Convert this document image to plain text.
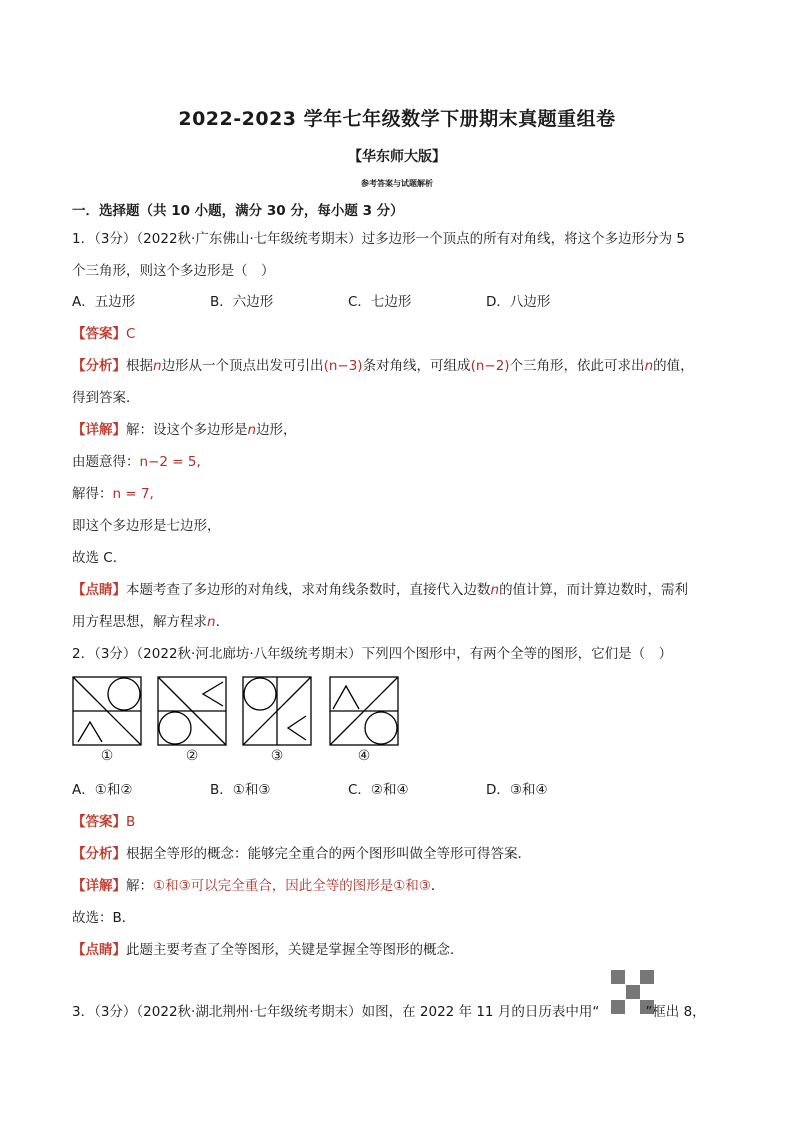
2022-2023 学年七年级数学下册期末真题重组卷
【华东师大版】
参考答案与试题解析
一．选择题（共 10 小题，满分 30 分，每小题 3 分）
1．（3分）（2022秋·广东佛山·七年级统考期末）过多边形一个顶点的所有对角线，将这个多边形分为 5
个三角形，则这个多边形是（　）
A．五边形	B．六边形	C．七边形	D．八边形
【答案】C
【分析】根据n边形从一个顶点出发可引出(n−3)条对角线，可组成(n−2)个三角形，依此可求出n的值，
得到答案．
【详解】解：设这个多边形是n边形，
由题意得：n−2 = 5,
解得：n = 7,
即这个多边形是七边形，
故选 C．
【点睛】本题考查了多边形的对角线，求对角线条数时，直接代入边数n的值计算，而计算边数时，需利
用方程思想，解方程求n.
2．（3分）（2022秋·河北廊坊·八年级统考期末）下列四个图形中，有两个全等的图形，它们是（　）
①	②	③	④
A．①和②	B．①和③	C．②和④	D．③和④
【答案】B
【分析】根据全等形的概念：能够完全重合的两个图形叫做全等形可得答案．
【详解】解：①和③可以完全重合，因此全等的图形是①和③．
故选：B．
【点睛】此题主要考查了全等图形，关键是掌握全等图形的概念．
3．（3分）（2022秋·湖北荆州·七年级统考期末）如图，在 2022 年 11 月的日历表中用“	”框出 8，
